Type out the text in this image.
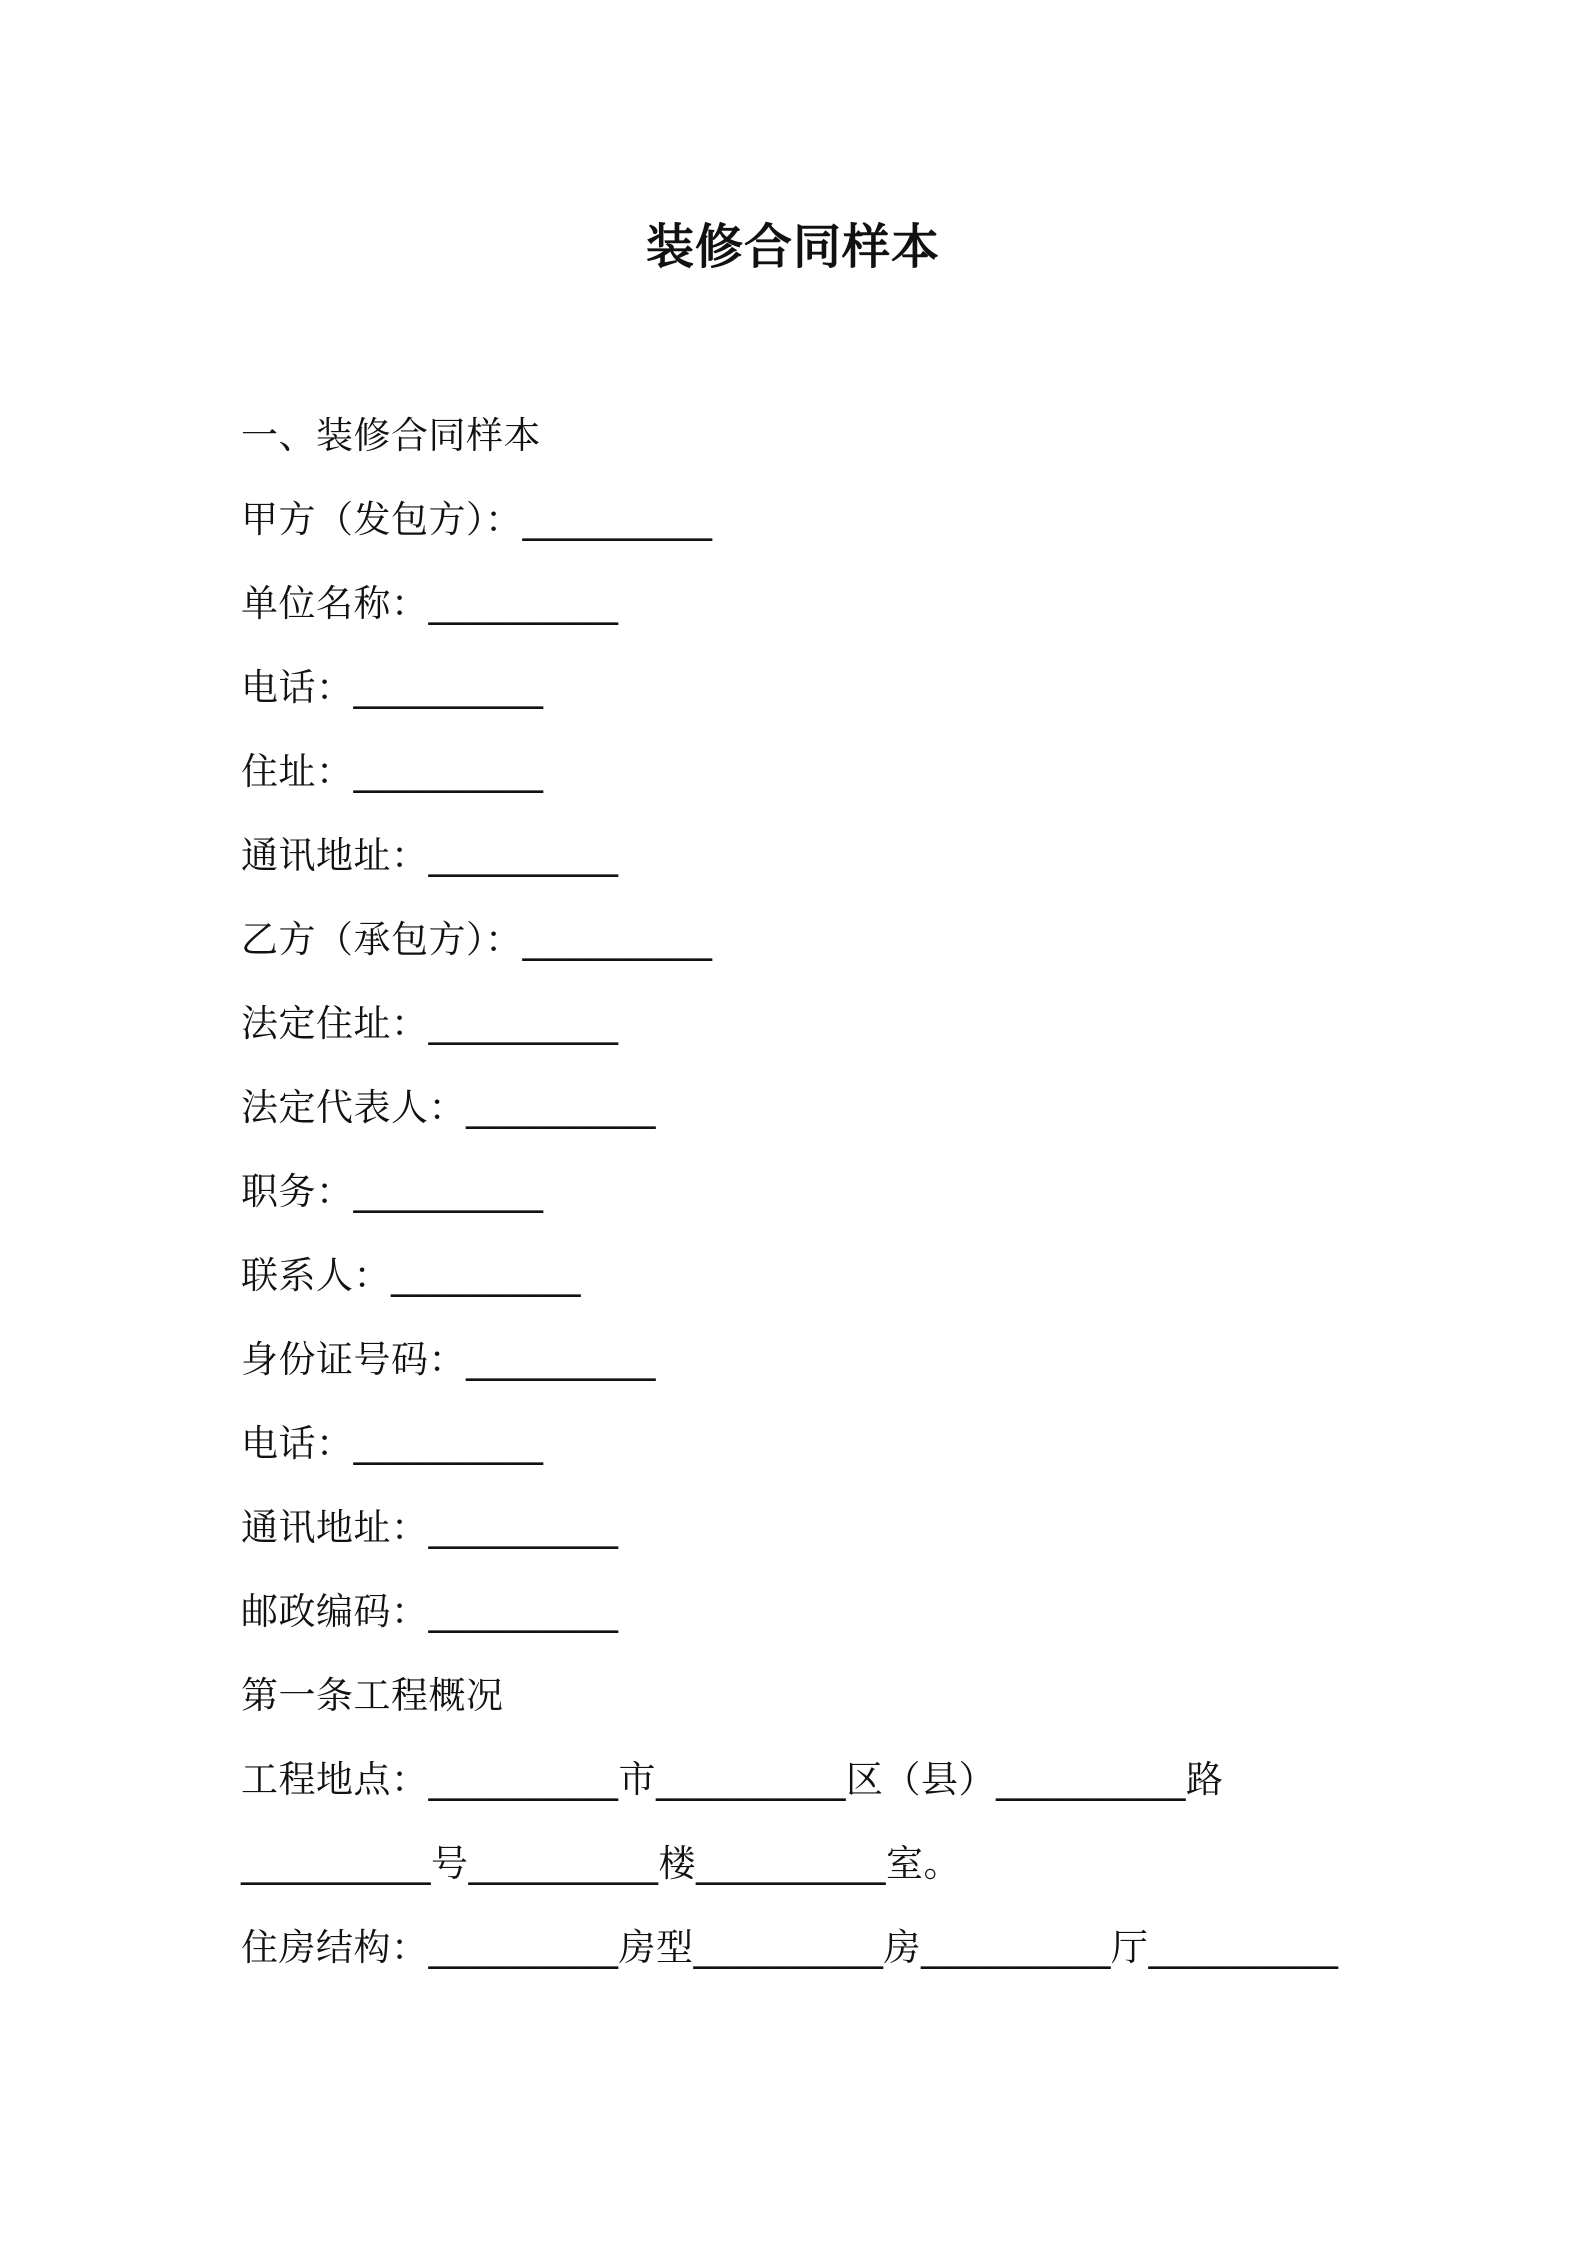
装修合同样本
一、装修合同样本
甲方（发包方）：__________
单位名称：__________
电话：__________
住址：__________
通讯地址：__________
乙方（承包方）：__________
法定住址：__________
法定代表人：__________
职务：__________
联系人：__________
身份证号码：__________
电话：__________
通讯地址：__________
邮政编码：__________
第一条工程概况
工程地点：__________市__________区（县）__________路
__________号__________楼__________室。
住房结构：__________房型__________房__________厅__________
